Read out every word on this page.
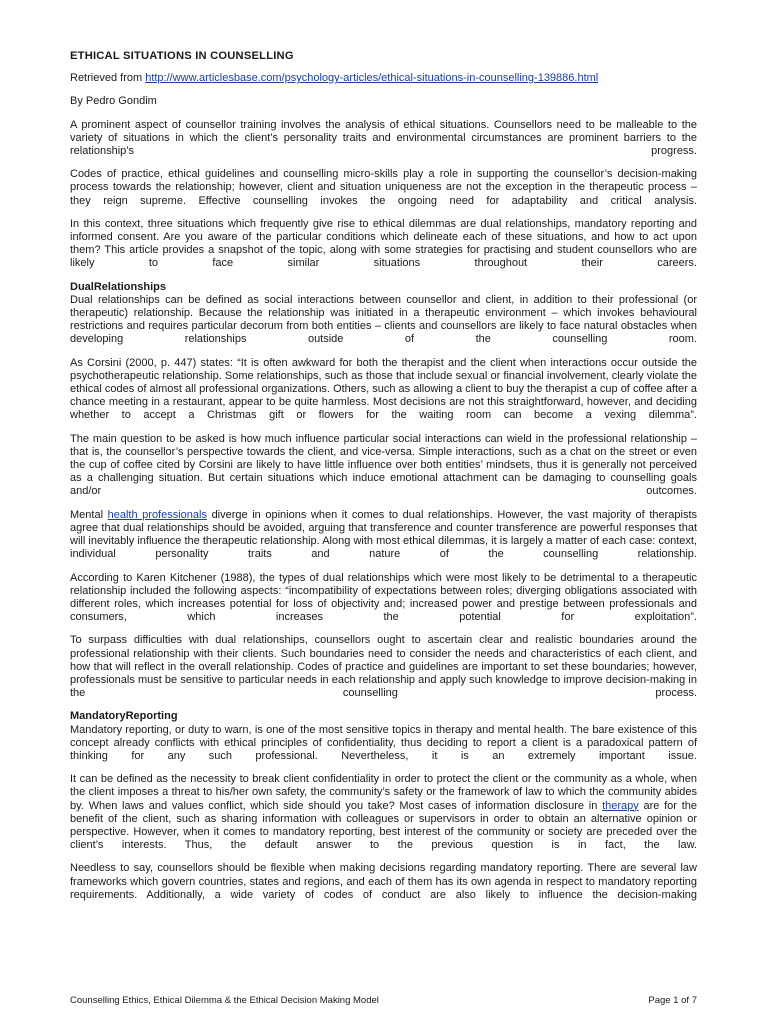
ETHICAL SITUATIONS IN COUNSELLING

Retrieved from http://www.articlesbase.com/psychology-articles/ethical-situations-in-counselling-139886.html

By Pedro Gondim

A prominent aspect of counsellor training involves the analysis of ethical situations. Counsellors need to be malleable to the variety of situations in which the client’s personality traits and environmental circumstances are prominent barriers to the relationship’s progress.

Codes of practice, ethical guidelines and counselling micro-skills play a role in supporting the counsellor’s decision-making process towards the relationship; however, client and situation uniqueness are not the exception in the therapeutic process – they reign supreme. Effective counselling invokes the ongoing need for adaptability and critical analysis.

In this context, three situations which frequently give rise to ethical dilemmas are dual relationships, mandatory reporting and informed consent. Are you aware of the particular conditions which delineate each of these situations, and how to act upon them? This article provides a snapshot of the topic, along with some strategies for practising and student counsellors who are likely to face similar situations throughout their careers.

DualRelationships

Dual relationships can be defined as social interactions between counsellor and client, in addition to their professional (or therapeutic) relationship. Because the relationship was initiated in a therapeutic environment – which invokes behavioural restrictions and requires particular decorum from both entities – clients and counsellors are likely to face natural obstacles when developing relationships outside of the counselling room.

As Corsini (2000, p. 447) states: “It is often awkward for both the therapist and the client when interactions occur outside the psychotherapeutic relationship. Some relationships, such as those that include sexual or financial involvement, clearly violate the ethical codes of almost all professional organizations. Others, such as allowing a client to buy the therapist a cup of coffee after a chance meeting in a restaurant, appear to be quite harmless. Most decisions are not this straightforward, however, and deciding whether to accept a Christmas gift or flowers for the waiting room can become a vexing dilemma”.

The main question to be asked is how much influence particular social interactions can wield in the professional relationship – that is, the counsellor’s perspective towards the client, and vice-versa. Simple interactions, such as a chat on the street or even the cup of coffee cited by Corsini are likely to have little influence over both entities’ mindsets, thus it is generally not perceived as a challenging situation. But certain situations which induce emotional attachment can be damaging to counselling goals and/or outcomes.

Mental health professionals diverge in opinions when it comes to dual relationships. However, the vast majority of therapists agree that dual relationships should be avoided, arguing that transference and counter transference are powerful responses that will inevitably influence the therapeutic relationship. Along with most ethical dilemmas, it is largely a matter of each case: context, individual personality traits and nature of the counselling relationship.

According to Karen Kitchener (1988), the types of dual relationships which were most likely to be detrimental to a therapeutic relationship included the following aspects: “incompatibility of expectations between roles; diverging obligations associated with different roles, which increases potential for loss of objectivity and; increased power and prestige between professionals and consumers, which increases the potential for exploitation”.

To surpass difficulties with dual relationships, counsellors ought to ascertain clear and realistic boundaries around the professional relationship with their clients. Such boundaries need to consider the needs and characteristics of each client, and how that will reflect in the overall relationship. Codes of practice and guidelines are important to set these boundaries; however, professionals must be sensitive to particular needs in each relationship and apply such knowledge to improve decision-making in the counselling process.

MandatoryReporting

Mandatory reporting, or duty to warn, is one of the most sensitive topics in therapy and mental health. The bare existence of this concept already conflicts with ethical principles of confidentiality, thus deciding to report a client is a paradoxical pattern of thinking for any such professional. Nevertheless, it is an extremely important issue.

It can be defined as the necessity to break client confidentiality in order to protect the client or the community as a whole, when the client imposes a threat to his/her own safety, the community’s safety or the framework of law to which the community abides by. When laws and values conflict, which side should you take? Most cases of information disclosure in therapy are for the benefit of the client, such as sharing information with colleagues or supervisors in order to obtain an alternative opinion or perspective. However, when it comes to mandatory reporting, best interest of the community or society are preceded over the client’s interests. Thus, the default answer to the previous question is in fact, the law.

Needless to say, counsellors should be flexible when making decisions regarding mandatory reporting. There are several law frameworks which govern countries, states and regions, and each of them has its own agenda in respect to mandatory reporting requirements. Additionally, a wide variety of codes of conduct are also likely to influence the decision-making

Counselling Ethics, Ethical Dilemma & the Ethical Decision Making Model	Page 1 of 7
